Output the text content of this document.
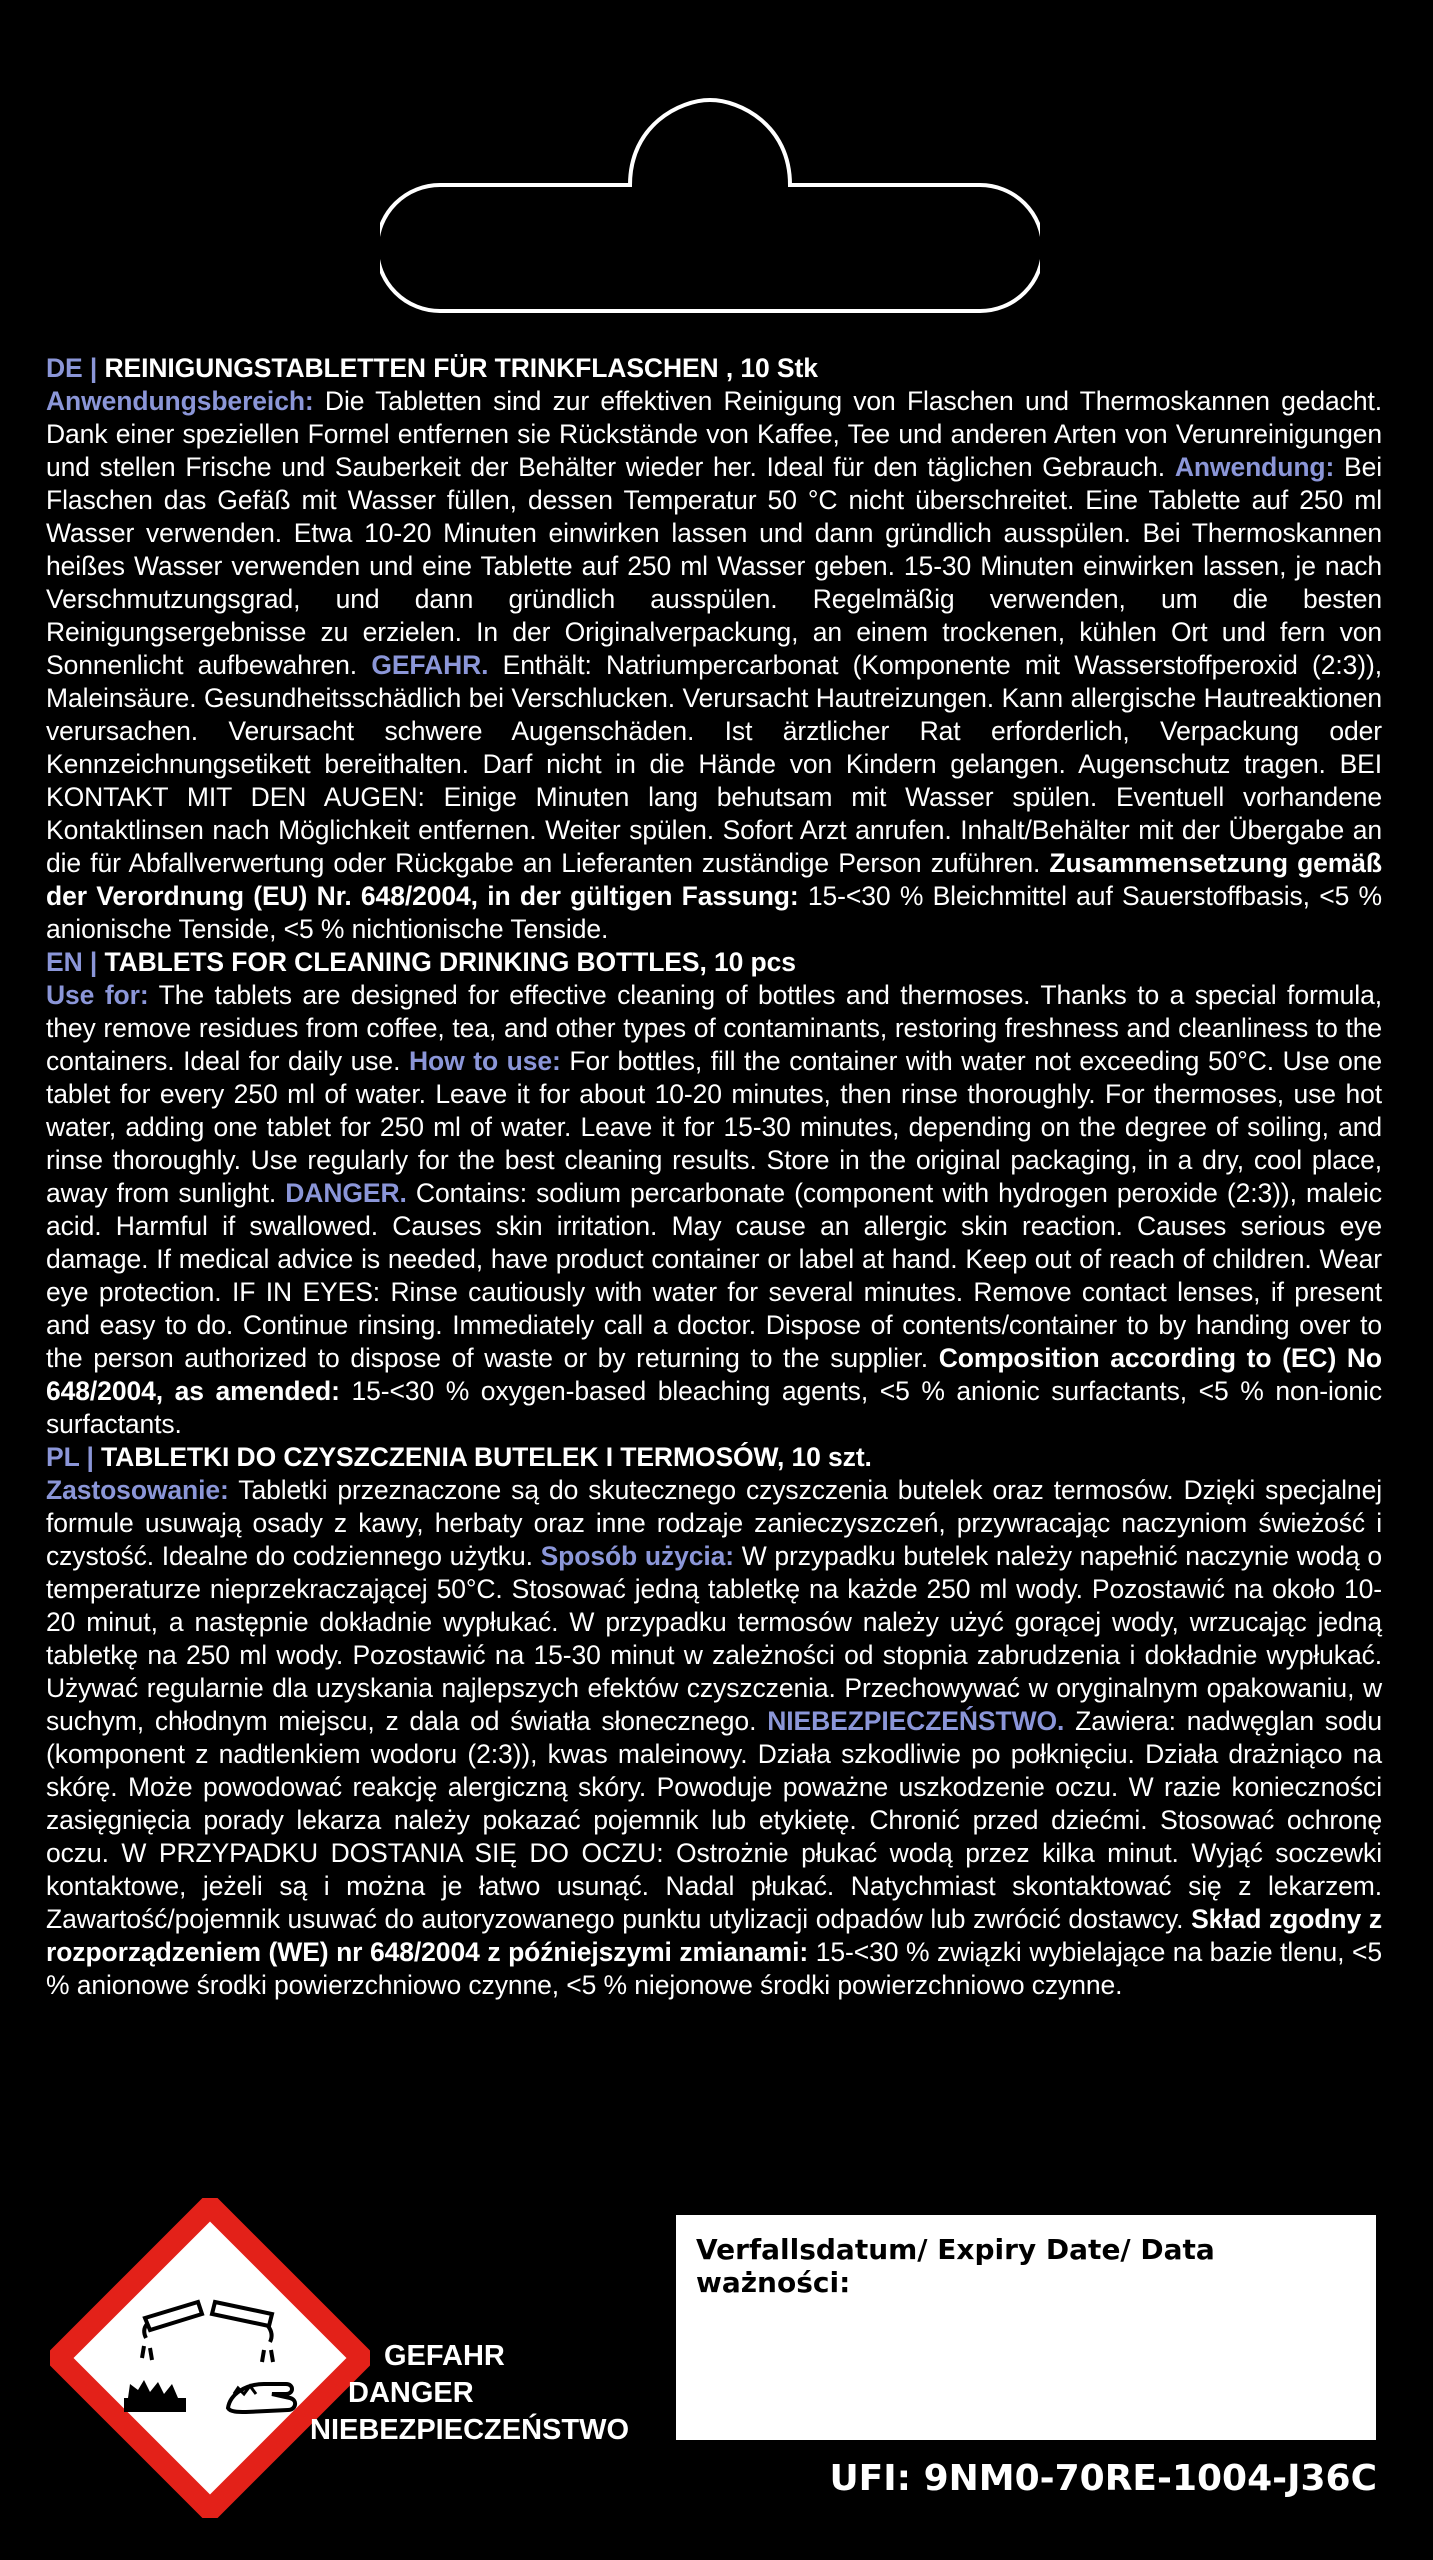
DE | REINIGUNGSTABLETTEN FÜR TRINKFLASCHEN , 10 Stk

Anwendungsbereich: Die Tabletten sind zur effektiven Reinigung von Flaschen und Thermoskannen gedacht. Dank einer speziellen Formel entfernen sie Rückstände von Kaffee, Tee und anderen Arten von Verunreinigungen und stellen Frische und Sauberkeit der Behälter wieder her. Ideal für den täglichen Gebrauch. Anwendung: Bei Flaschen das Gefäß mit Wasser füllen, dessen Temperatur 50 °C nicht überschreitet. Eine Tablette auf 250 ml Wasser verwenden. Etwa 10-20 Minuten einwirken lassen und dann gründlich ausspülen. Bei Thermoskannen heißes Wasser verwenden und eine Tablette auf 250 ml Wasser geben. 15-30 Minuten einwirken lassen, je nach Verschmutzungsgrad, und dann gründlich ausspülen. Regelmäßig verwenden, um die besten Reinigungsergebnisse zu erzielen. In der Originalverpackung, an einem trockenen, kühlen Ort und fern von Sonnenlicht aufbewahren. GEFAHR. Enthält: Natriumpercarbonat (Komponente mit Wasserstoffperoxid (2:3)), Maleinsäure. Gesundheitsschädlich bei Verschlucken. Verursacht Hautreizungen. Kann allergische Hautreaktionen verursachen. Verursacht schwere Augenschäden. Ist ärztlicher Rat erforderlich, Verpackung oder Kennzeichnungsetikett bereithalten. Darf nicht in die Hände von Kindern gelangen. Augenschutz tragen. BEI KONTAKT MIT DEN AUGEN: Einige Minuten lang behutsam mit Wasser spülen. Eventuell vorhandene Kontaktlinsen nach Möglichkeit entfernen. Weiter spülen. Sofort Arzt anrufen. Inhalt/Behälter mit der Übergabe an die für Abfallverwertung oder Rückgabe an Lieferanten zuständige Person zuführen. Zusammensetzung gemäß der Verordnung (EU) Nr. 648/2004, in der gültigen Fassung: 15-<30 % Bleichmittel auf Sauerstoffbasis, <5 % anionische Tenside, <5 % nichtionische Tenside.

EN | TABLETS FOR CLEANING DRINKING BOTTLES, 10 pcs

Use for: The tablets are designed for effective cleaning of bottles and thermoses. Thanks to a special formula, they remove residues from coffee, tea, and other types of contaminants, restoring freshness and cleanliness to the containers. Ideal for daily use. How to use: For bottles, fill the container with water not exceeding 50°C. Use one tablet for every 250 ml of water. Leave it for about 10-20 minutes, then rinse thoroughly. For thermoses, use hot water, adding one tablet for 250 ml of water. Leave it for 15-30 minutes, depending on the degree of soiling, and rinse thoroughly. Use regularly for the best cleaning results. Store in the original packaging, in a dry, cool place, away from sunlight. DANGER. Contains: sodium percarbonate (component with hydrogen peroxide (2:3)), maleic acid. Harmful if swallowed. Causes skin irritation. May cause an allergic skin reaction. Causes serious eye damage. If medical advice is needed, have product container or label at hand. Keep out of reach of children. Wear eye protection. IF IN EYES: Rinse cautiously with water for several minutes. Remove contact lenses, if present and easy to do. Continue rinsing. Immediately call a doctor. Dispose of contents/container to by handing over to the person authorized to dispose of waste or by returning to the supplier. Composition according to (EC) No 648/2004, as amended: 15-<30 % oxygen-based bleaching agents, <5 % anionic surfactants, <5 % non-ionic surfactants.

PL | TABLETKI DO CZYSZCZENIA BUTELEK I TERMOSÓW, 10 szt.

Zastosowanie: Tabletki przeznaczone są do skutecznego czyszczenia butelek oraz termosów. Dzięki specjalnej formule usuwają osady z kawy, herbaty oraz inne rodzaje zanieczyszczeń, przywracając naczyniom świeżość i czystość. Idealne do codziennego użytku. Sposób użycia: W przypadku butelek należy napełnić naczynie wodą o temperaturze nieprzekraczającej 50°C. Stosować jedną tabletkę na każde 250 ml wody. Pozostawić na około 10-20 minut, a następnie dokładnie wypłukać. W przypadku termosów należy użyć gorącej wody, wrzucając jedną tabletkę na 250 ml wody. Pozostawić na 15-30 minut w zależności od stopnia zabrudzenia i dokładnie wypłukać. Używać regularnie dla uzyskania najlepszych efektów czyszczenia. Przechowywać w oryginalnym opakowaniu, w suchym, chłodnym miejscu, z dala od światła słonecznego. NIEBEZPIECZEŃSTWO. Zawiera: nadwęglan sodu (komponent z nadtlenkiem wodoru (2:3)), kwas maleinowy. Działa szkodliwie po połknięciu. Działa drażniąco na skórę. Może powodować reakcję alergiczną skóry. Powoduje poważne uszkodzenie oczu. W razie konieczności zasięgnięcia porady lekarza należy pokazać pojemnik lub etykietę. Chronić przed dziećmi. Stosować ochronę oczu. W PRZYPADKU DOSTANIA SIĘ DO OCZU: Ostrożnie płukać wodą przez kilka minut. Wyjąć soczewki kontaktowe, jeżeli są i można je łatwo usunąć. Nadal płukać. Natychmiast skontaktować się z lekarzem. Zawartość/pojemnik usuwać do autoryzowanego punktu utylizacji odpadów lub zwrócić dostawcy. Skład zgodny z rozporządzeniem (WE) nr 648/2004 z późniejszymi zmianami: 15-<30 % związki wybielające na bazie tlenu, <5 % anionowe środki powierzchniowo czynne, <5 % niejonowe środki powierzchniowo czynne.

GEFAHR
DANGER
NIEBEZPIECZEŃSTWO
Verfallsdatum/ Expiry Date/ Data ważności:
UFI: 9NM0-70RE-1004-J36C
